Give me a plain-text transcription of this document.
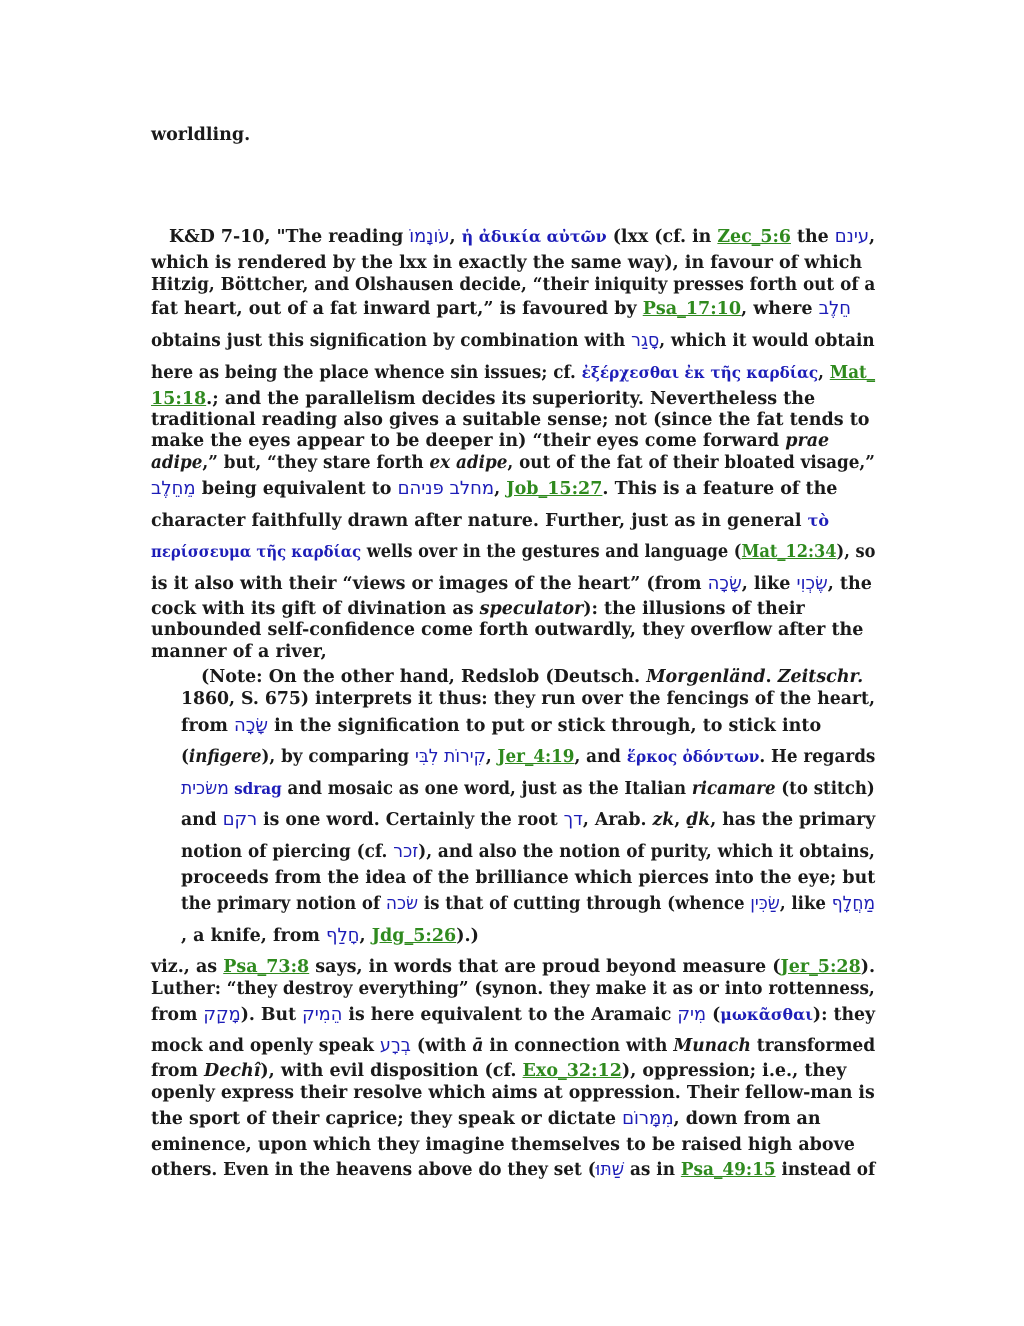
worldling.
K&D 7-10, "The reading עֹונָמוֹ, ἡ ἀδικία αὐτῶν (lxx (cf. in Zec_5:6 the עינם,
which is rendered by the lxx in exactly the same way), in favour of which
Hitzig, Böttcher, and Olshausen decide, “their iniquity presses forth out of a
fat heart, out of a fat inward part,” is favoured by Psa_17:10, where חֵלֶב
obtains just this signification by combination with סָגַר, which it would obtain
here as being the place whence sin issues; cf. ἐξέρχεσθαι ἐκ τῆς καρδίας, Mat_
15:18.; and the parallelism decides its superiority. Nevertheless the
traditional reading also gives a suitable sense; not (since the fat tends to
make the eyes appear to be deeper in) “their eyes come forward prae
adipe,” but, “they stare forth ex adipe, out of the fat of their bloated visage,”
מֵחֵלֶב being equivalent to מחלב פּניהם, Job_15:27. This is a feature of the
character faithfully drawn after nature. Further, just as in general τὸ
περίσσευμα τῆς καρδίας wells over in the gestures and language (Mat_12:34), so
is it also with their “views or images of the heart” (from שָׂכָה, like שֶׂכְוִי, the
cock with its gift of divination as speculator): the illusions of their
unbounded self-confidence come forth outwardly, they overflow after the
manner of a river,
(Note: On the other hand, Redslob (Deutsch. Morgenländ. Zeitschr.
1860, S. 675) interprets it thus: they run over the fencings of the heart,
from שָׂכָה in the signification to put or stick through, to stick into
(infigere), by comparing קִירוֹת לִבִּי, Jer_4:19, and ἕρκος ὀδόντων. He regards
משׂכית sdrag and mosaic as one word, just as the Italian ricamare (to stitch)
and רקם is one word. Certainly the root דך, Arab. zk, ḏk, has the primary
notion of piercing (cf. זכר), and also the notion of purity, which it obtains,
proceeds from the idea of the brilliance which pierces into the eye; but
the primary notion of שׂכה is that of cutting through (whence שַׂכִּין, like מַחֲלָף
, a knife, from חָלַף, Jdg_5:26).)
viz., as Psa_73:8 says, in words that are proud beyond measure (Jer_5:28).
Luther: “they destroy everything” (synon. they make it as or into rottenness,
from מָקַק). But הֵמִיק is here equivalent to the Aramaic מִיק (μωκᾶσθαι): they
mock and openly speak בְרָע (with ā in connection with Munach transformed
from Dechî), with evil disposition (cf. Exo_32:12), oppression; i.e., they
openly express their resolve which aims at oppression. Their fellow-man is
the sport of their caprice; they speak or dictate מִמָּרוֹם, down from an
eminence, upon which they imagine themselves to be raised high above
others. Even in the heavens above do they set (שַׁתּוּ as in Psa_49:15 instead of
